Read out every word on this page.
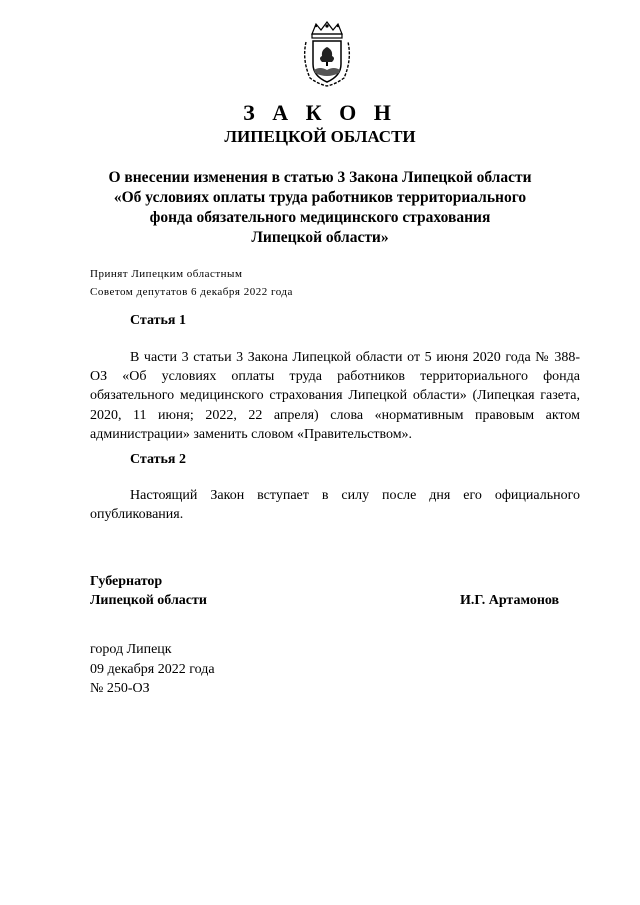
З А К О Н
ЛИПЕЦКОЙ ОБЛАСТИ
О внесении изменения в статью 3 Закона Липецкой области
«Об условиях оплаты труда работников территориального
фонда обязательного медицинского страхования
Липецкой области»
Принят Липецким областным
Советом депутатов 6 декабря 2022 года
Статья 1
В части 3 статьи 3 Закона Липецкой области от 5 июня 2020 года № 388-ОЗ «Об условиях оплаты труда работников территориального фонда обязательного медицинского страхования Липецкой области» (Липецкая газета, 2020, 11 июня; 2022, 22 апреля) слова «нормативным правовым актом администрации» заменить словом «Правительством».
Статья 2
Настоящий Закон вступает в силу после дня его официального опубликования.
Губернатор
Липецкой области	И.Г. Артамонов
город Липецк
09 декабря 2022 года
№ 250-ОЗ
